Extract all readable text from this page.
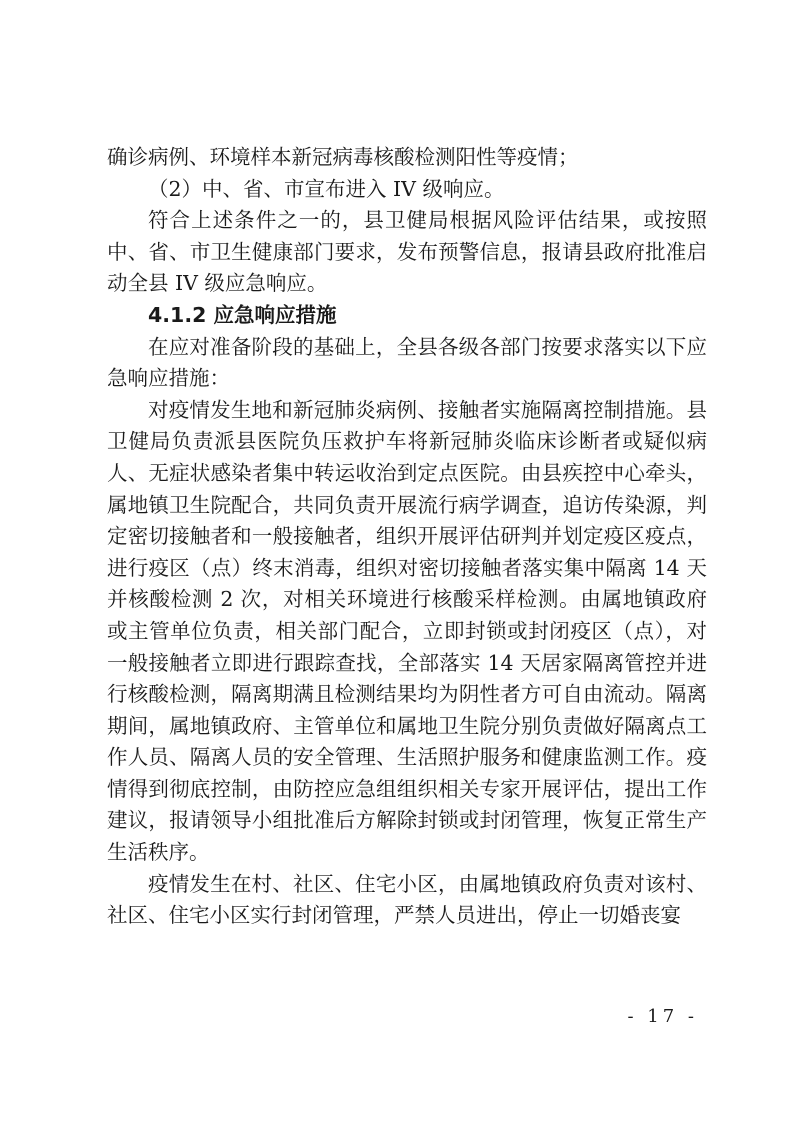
确诊病例、环境样本新冠病毒核酸检测阳性等疫情；

（2）中、省、市宣布进入 IV 级响应。

符合上述条件之一的，县卫健局根据风险评估结果，或按照中、省、市卫生健康部门要求，发布预警信息，报请县政府批准启动全县 IV 级应急响应。

4.1.2 应急响应措施

在应对准备阶段的基础上，全县各级各部门按要求落实以下应急响应措施：

对疫情发生地和新冠肺炎病例、接触者实施隔离控制措施。县卫健局负责派县医院负压救护车将新冠肺炎临床诊断者或疑似病人、无症状感染者集中转运收治到定点医院。由县疾控中心牵头，属地镇卫生院配合，共同负责开展流行病学调查，追访传染源，判定密切接触者和一般接触者，组织开展评估研判并划定疫区疫点，进行疫区（点）终末消毒，组织对密切接触者落实集中隔离 14 天并核酸检测 2 次，对相关环境进行核酸采样检测。由属地镇政府或主管单位负责，相关部门配合，立即封锁或封闭疫区（点），对一般接触者立即进行跟踪查找，全部落实 14 天居家隔离管控并进行核酸检测，隔离期满且检测结果均为阴性者方可自由流动。隔离期间，属地镇政府、主管单位和属地卫生院分别负责做好隔离点工作人员、隔离人员的安全管理、生活照护服务和健康监测工作。疫情得到彻底控制，由防控应急组组织相关专家开展评估，提出工作建议，报请领导小组批准后方解除封锁或封闭管理，恢复正常生产生活秩序。

疫情发生在村、社区、住宅小区，由属地镇政府负责对该村、社区、住宅小区实行封闭管理，严禁人员进出，停止一切婚丧宴

- 17 -
